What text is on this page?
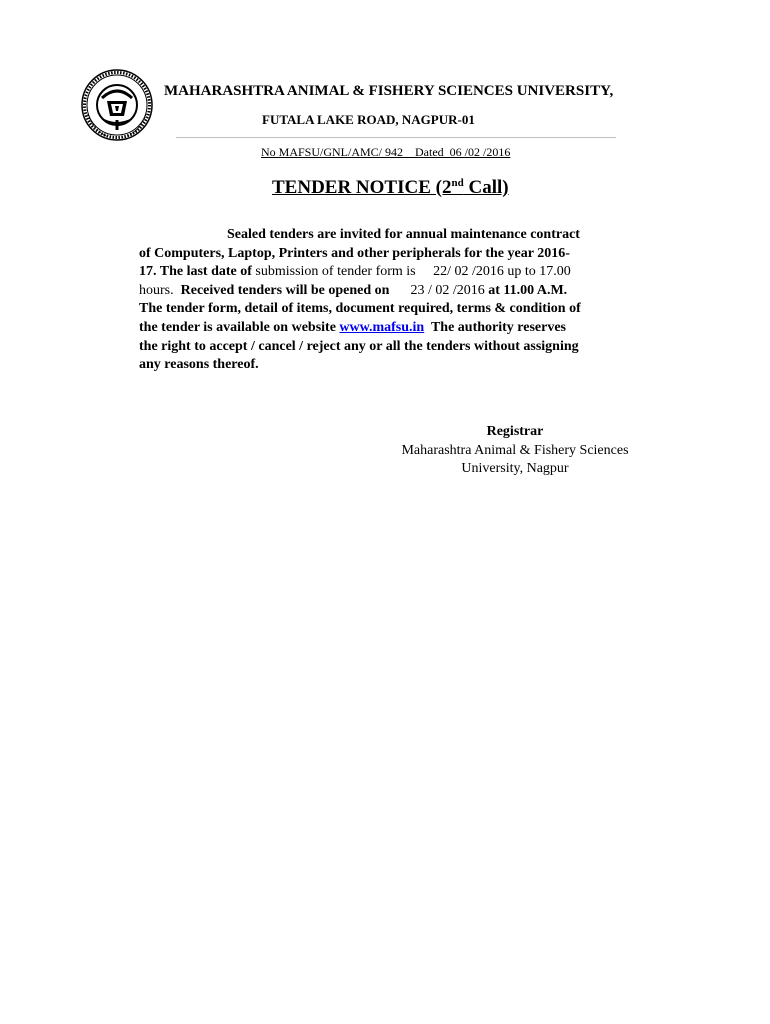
MAHARASHTRA ANIMAL & FISHERY SCIENCES UNIVERSITY,
FUTALA LAKE ROAD, NAGPUR-01
No MAFSU/GNL/AMC/ 942    Dated  06 /02 /2016
TENDER NOTICE (2nd Call)
Sealed tenders are invited for annual maintenance contract
of Computers, Laptop, Printers and other peripherals for the year 2016-
17. The last date of submission of tender form is     22/ 02 /2016 up to 17.00
hours.  Received tenders will be opened on      23 / 02 /2016 at 11.00 A.M.
The tender form, detail of items, document required, terms & condition of
the tender is available on website www.mafsu.in  The authority reserves
the right to accept / cancel / reject any or all the tenders without assigning
any reasons thereof.
Registrar
Maharashtra Animal & Fishery Sciences
University, Nagpur
